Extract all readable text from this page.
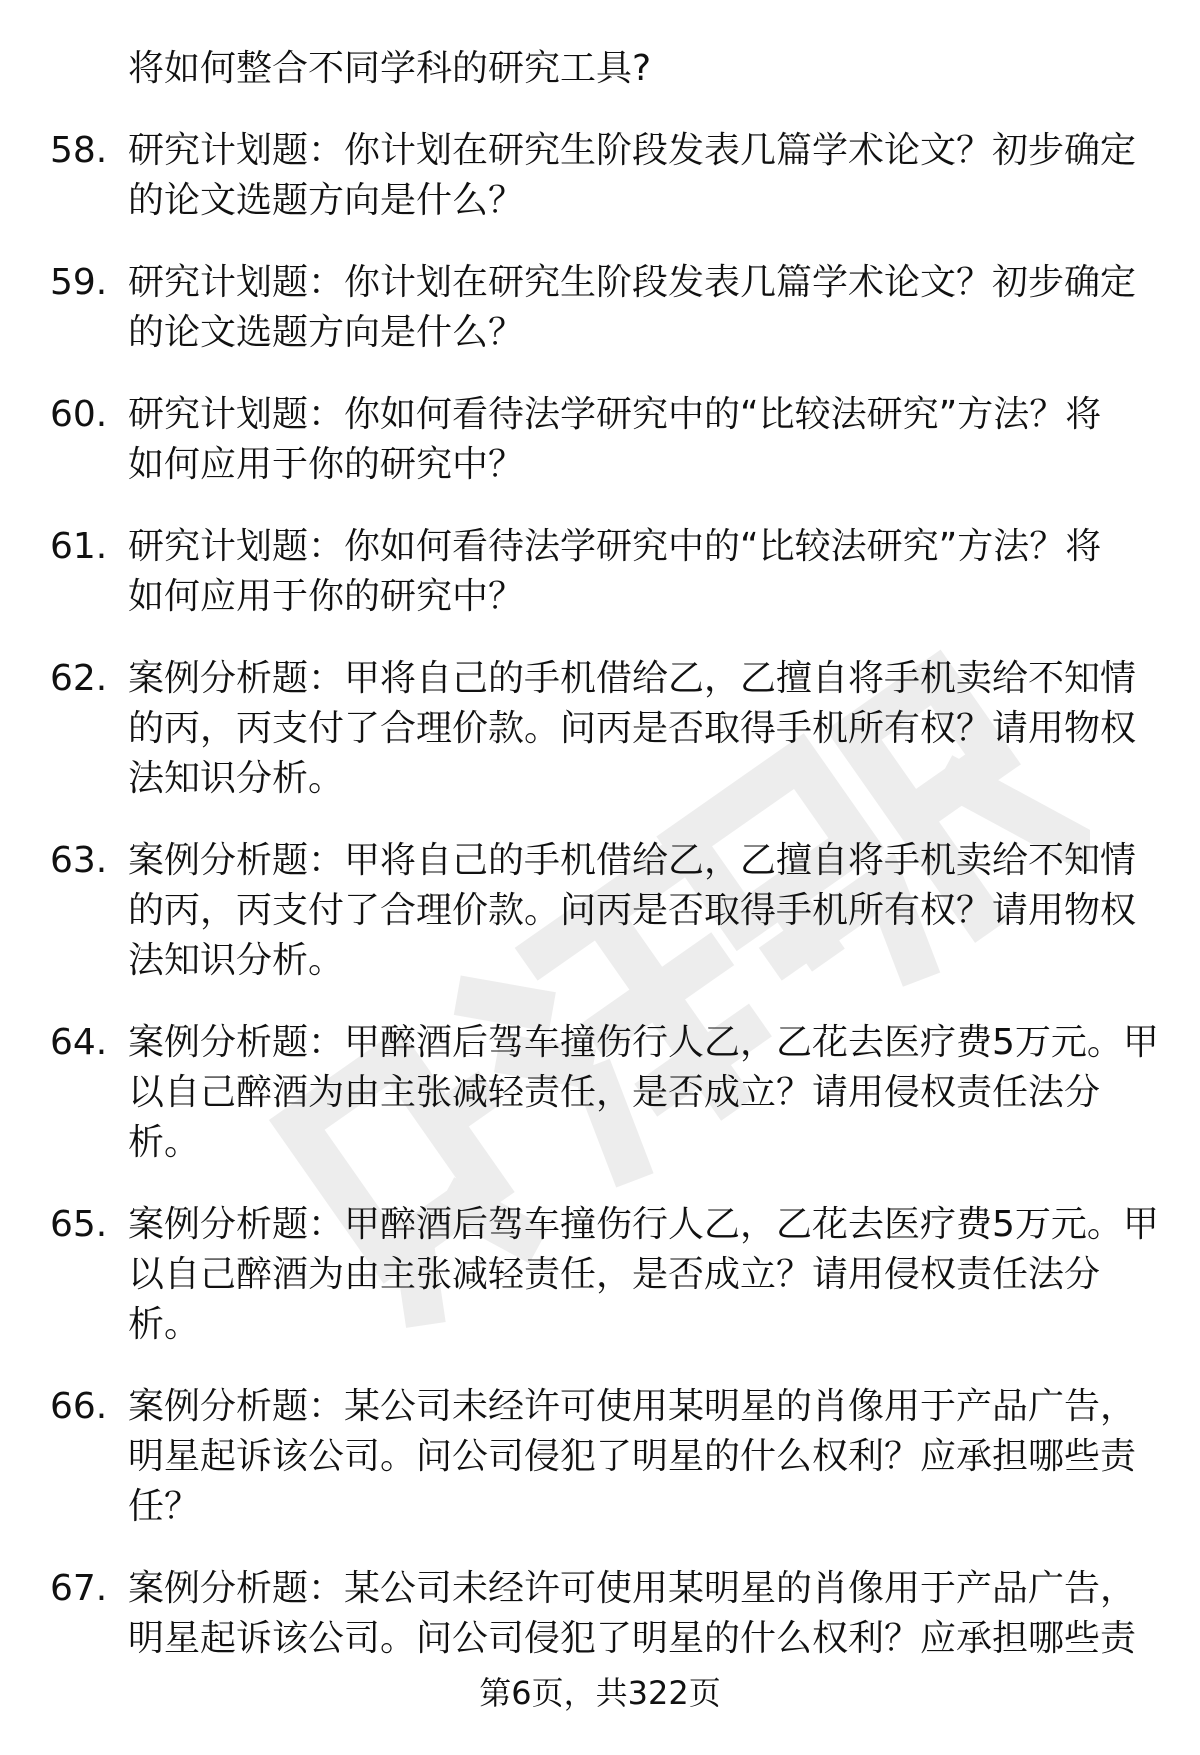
将如何整合不同学科的研究工具?
58. 研究计划题：你计划在研究生阶段发表几篇学术论文？初步确定
的论文选题方向是什么？
59. 研究计划题：你计划在研究生阶段发表几篇学术论文？初步确定
的论文选题方向是什么？
60. 研究计划题：你如何看待法学研究中的“比较法研究”方法？将
如何应用于你的研究中？
61. 研究计划题：你如何看待法学研究中的“比较法研究”方法？将
如何应用于你的研究中？
62. 案例分析题：甲将自己的手机借给乙，乙擅自将手机卖给不知情
的丙，丙支付了合理价款。问丙是否取得手机所有权？请用物权
法知识分析。
63. 案例分析题：甲将自己的手机借给乙，乙擅自将手机卖给不知情
的丙，丙支付了合理价款。问丙是否取得手机所有权？请用物权
法知识分析。
64. 案例分析题：甲醉酒后驾车撞伤行人乙，乙花去医疗费5万元。甲
以自己醉酒为由主张减轻责任，是否成立？请用侵权责任法分
析。
65. 案例分析题：甲醉酒后驾车撞伤行人乙，乙花去医疗费5万元。甲
以自己醉酒为由主张减轻责任，是否成立？请用侵权责任法分
析。
66. 案例分析题：某公司未经许可使用某明星的肖像用于产品广告，
明星起诉该公司。问公司侵犯了明星的什么权利？应承担哪些责
任？
67. 案例分析题：某公司未经许可使用某明星的肖像用于产品广告，
明星起诉该公司。问公司侵犯了明星的什么权利？应承担哪些责
第6页，共322页
